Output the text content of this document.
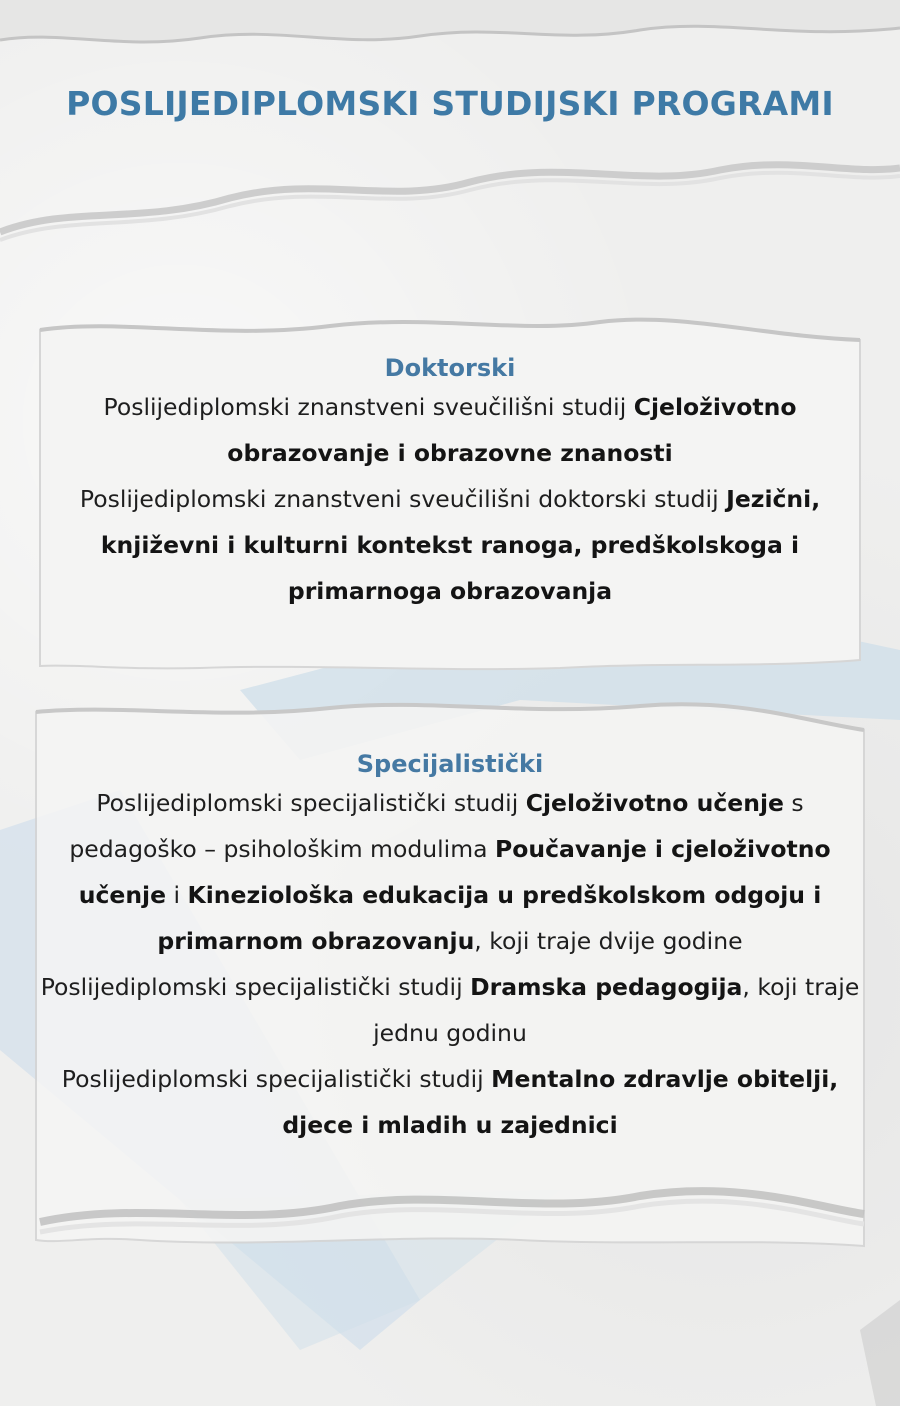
POSLIJEDIPLOMSKI STUDIJSKI PROGRAMI
Doktorski

Poslijediplomski znanstveni sveučilišni studij Cjeloživotno obrazovanje i obrazovne znanosti

Poslijediplomski znanstveni sveučilišni doktorski studij Jezični, književni i kulturni kontekst ranoga, predškolskoga i primarnoga obrazovanja

Specijalistički

Poslijediplomski specijalistički studij Cjeloživotno učenje s pedagoško – psihološkim modulima Poučavanje i cjeloživotno učenje i Kineziološka edukacija u predškolskom odgoju i primarnom obrazovanju, koji traje dvije godine

Poslijediplomski specijalistički studij Dramska pedagogija, koji traje jednu godinu

Poslijediplomski specijalistički studij Mentalno zdravlje obitelji, djece i mladih u zajednici
